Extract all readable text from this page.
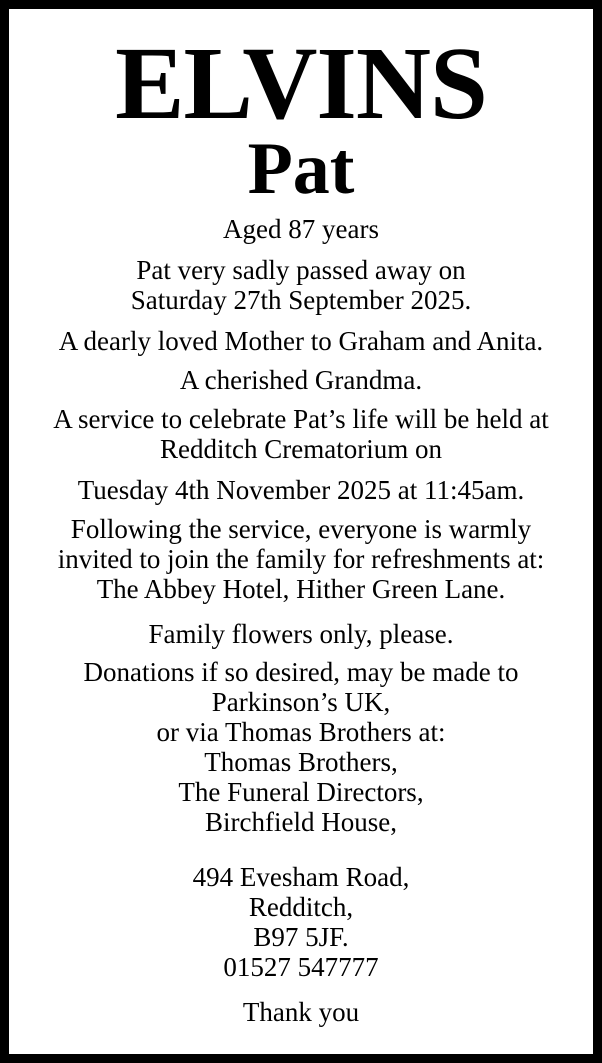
ELVINS
Pat
Aged 87 years
Pat very sadly passed away on
Saturday 27th September 2025.
A dearly loved Mother to Graham and Anita.
A cherished Grandma.
A service to celebrate Pat’s life will be held at
Redditch Crematorium on
Tuesday 4th November 2025 at 11:45am.
Following the service, everyone is warmly
invited to join the family for refreshments at:
The Abbey Hotel, Hither Green Lane.
Family flowers only, please.
Donations if so desired, may be made to
Parkinson’s UK,
or via Thomas Brothers at:
Thomas Brothers,
The Funeral Directors,
Birchfield House,
494 Evesham Road,
Redditch,
B97 5JF.
01527 547777
Thank you
